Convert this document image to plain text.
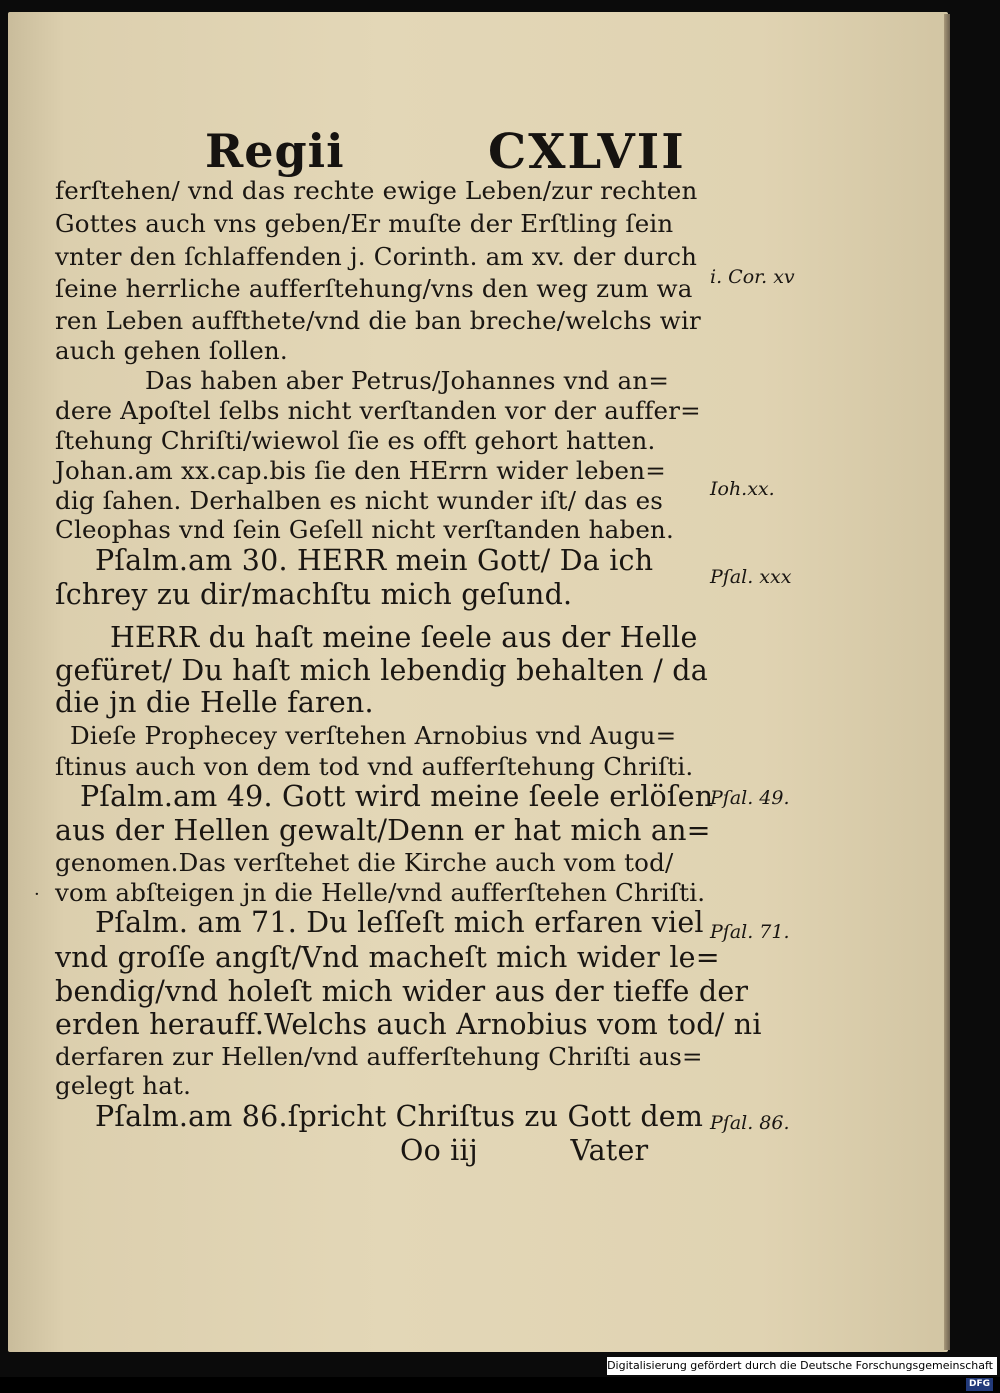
Regii	CXLVII
ferſtehen/ vnd das rechte ewige Leben/zur rechten
Gottes auch vns geben/Er muſte der Erſtling ſein
vnter den ſchlaffenden j. Corinth. am xv. der durch
ſeine herrliche aufferſtehung/vns den weg zum wa
ren Leben auffthete/vnd die ban breche/welchs wir
auch gehen ſollen.
Das haben aber Petrus/Johannes vnd an=
dere Apoſtel ſelbs nicht verſtanden vor der auffer=
ſtehung Chriſti/wiewol ſie es offt gehort hatten.
Johan.am xx.cap.bis ſie den HErrn wider leben=
dig ſahen. Derhalben es nicht wunder iſt/ das es
Cleophas vnd ſein Geſell nicht verſtanden haben.
Pſalm.am 30. HERR mein Gott/ Da ich
ſchrey zu dir/machſtu mich geſund.
HERR du haſt meine ſeele aus der Helle
gefüret/ Du haſt mich lebendig behalten / da
die jn die Helle faren.
Dieſe Prophecey verſtehen Arnobius vnd Augu=
ſtinus auch von dem tod vnd aufferſtehung Chriſti.
Pſalm.am 49. Gott wird meine ſeele erlöſen
aus der Hellen gewalt/Denn er hat mich an=
genomen.Das verſtehet die Kirche auch vom tod/
vom abſteigen jn die Helle/vnd aufferſtehen Chriſti.
Pſalm. am 71. Du leſſeſt mich erfaren viel
vnd groſſe angſt/Vnd macheſt mich wider le=
bendig/vnd holeſt mich wider aus der tieffe der
erden herauff.Welchs auch Arnobius vom tod/ ni
derfaren zur Hellen/vnd aufferſtehung Chriſti aus=
gelegt hat.
Pſalm.am 86.ſpricht Chriſtus zu Gott dem
Oo iij          Vater
·
i. Cor. xv
Ioh.xx.
Pſal. xxx
Pſal. 49.
Pſal. 71.
Pſal. 86.
Digitalisierung gefördert durch die Deutsche Forschungsgemeinschaft · DFG
